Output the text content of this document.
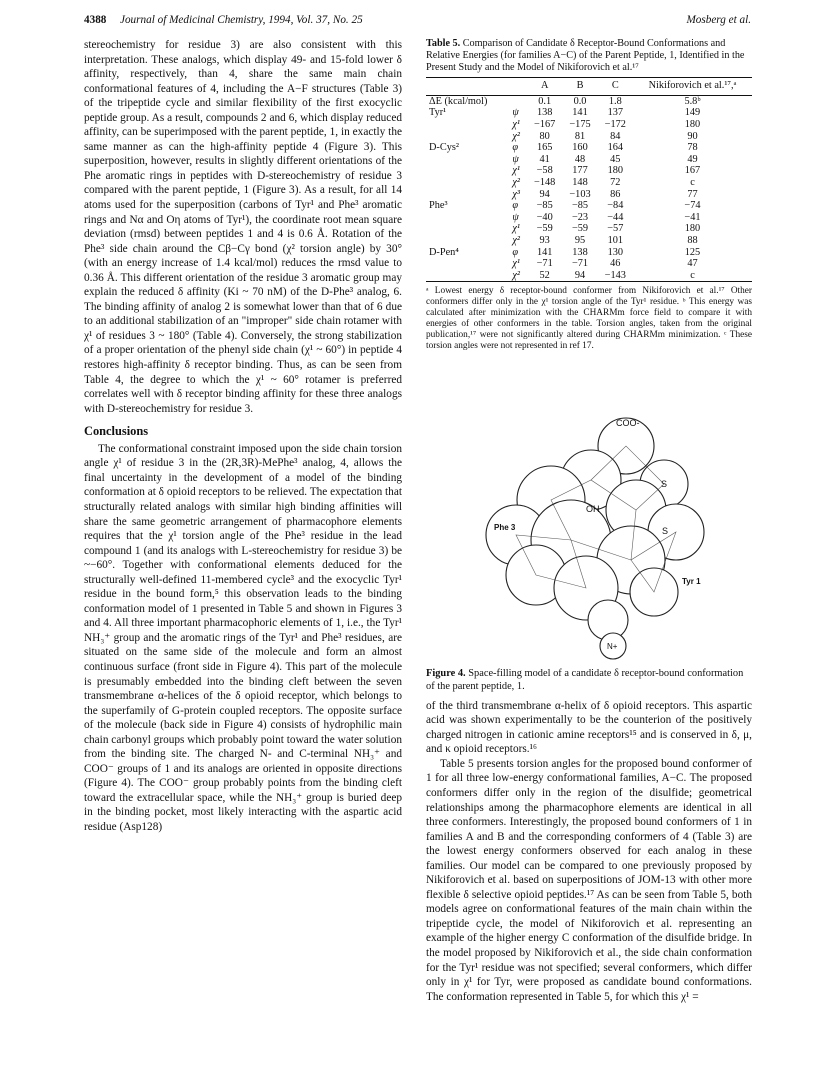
4388 Journal of Medicinal Chemistry, 1994, Vol. 37, No. 25	Mosberg et al.

stereochemistry for residue 3) are also consistent with this interpretation. These analogs, which display 49- and 15-fold lower δ affinity, respectively, than 4, share the same main chain conformational features of 4, including the A−F structures (Table 3) of the tripeptide cycle and similar flexibility of the first exocyclic peptide group. As a result, compounds 2 and 6, which display reduced affinity, can be superimposed with the parent peptide, 1, in exactly the same manner as can the high-affinity peptide 4 (Figure 3). This superposition, however, results in slightly different orientations of the Phe aromatic rings in peptides with D-stereochemistry of residue 3 compared with the parent peptide, 1 (Figure 3). As a result, for all 14 atoms used for the superposition (carbons of Tyr¹ and Phe³ aromatic rings and Nα and Oη atoms of Tyr¹), the coordinate root mean square deviation (rmsd) between peptides 1 and 4 is 0.6 Å. Rotation of the Phe³ side chain around the Cβ−Cγ bond (χ² torsion angle) by 30° (with an energy increase of 1.4 kcal/mol) reduces the rmsd value to 0.36 Å. This different orientation of the residue 3 aromatic group may explain the reduced δ affinity (Ki ~ 70 nM) of the D-Phe³ analog, 6. The binding affinity of analog 2 is somewhat lower than that of 6 due to an additional stabilization of an "improper" side chain rotamer with χ¹ of residues 3 ~ 180° (Table 4). Conversely, the strong stabilization of a proper orientation of the phenyl side chain (χ¹ ~ 60°) in peptide 4 restores high-affinity δ receptor binding. Thus, as can be seen from Table 4, the degree to which the χ¹ ~ 60° rotamer is preferred correlates well with δ receptor binding affinity for these three analogs with D-stereochemistry for residue 3.

Conclusions

The conformational constraint imposed upon the side chain torsion angle χ¹ of residue 3 in the (2R,3R)-MePhe³ analog, 4, allows the final uncertainty in the development of a model of the binding conformation at δ opioid receptors to be relieved. The expectation that structurally related analogs with similar high binding affinities will share the same geometric arrangement of pharmacophore elements requires that the χ¹ torsion angle of the Phe³ residue in the lead compound 1 (and its analogs with L-stereochemistry for residue 3) be ~−60°. Together with conformational elements deduced for the structurally well-defined 11-membered cycle³ and the exocyclic Tyr¹ residue in the bound form,⁵ this observation leads to the binding conformation model of 1 presented in Table 5 and shown in Figures 3 and 4. All three important pharmacophoric elements of 1, i.e., the Tyr¹ NH₃⁺ group and the aromatic rings of the Tyr¹ and Phe³ residues, are situated on the same side of the molecule and form an almost continuous surface (front side in Figure 4). This part of the molecule is presumably embedded into the binding cleft between the seven transmembrane α-helices of the δ opioid receptor, which belongs to the superfamily of G-protein coupled receptors. The opposite surface of the molecule (back side in Figure 4) consists of hydrophilic main chain carbonyl groups which probably point toward the water solution from the binding site. The charged N- and C-terminal NH₃⁺ and COO⁻ groups of 1 and its analogs are oriented in opposite directions (Figure 4). The COO⁻ group probably points from the binding cleft toward the extracellular space, while the NH₃⁺ group is buried deep in the binding pocket, most likely interacting with the aspartic acid residue (Asp128)

Table 5. Comparison of Candidate δ Receptor-Bound Conformations and Relative Energies (for families A−C) of the Parent Peptide, 1, Identified in the Present Study and the Model of Nikiforovich et al.¹⁷
		A	B	C	Nikiforovich et al.¹⁷,ᵃ
ΔE (kcal/mol)		0.1	0.0	1.8	5.8ᵇ
Tyr¹	ψ	138	141	137	149
	χ¹	−167	−175	−172	180
	χ²	80	81	84	90
D-Cys²	φ	165	160	164	78
	ψ	41	48	45	49
	χ¹	−58	177	180	167
	χ²	−148	148	72	c
	χ³	94	−103	86	77
Phe³	φ	−85	−85	−84	−74
	ψ	−40	−23	−44	−41
	χ¹	−59	−59	−57	180
	χ²	93	95	101	88
D-Pen⁴	φ	141	138	130	125
	χ¹	−71	−71	46	47
	χ²	52	94	−143	c
ᵃ Lowest energy δ receptor-bound conformer from Nikiforovich et al.¹⁷ Other conformers differ only in the χ¹ torsion angle of the Tyr¹ residue. ᵇ This energy was calculated after minimization with the CHARMm force field to compare it with energies of other conformers in the table. Torsion angles, taken from the original publication,¹⁷ were not significantly altered during CHARMm minimization. ᶜ These torsion angles were not represented in ref 17.
COO-
OH
S
S
Phe 3
Tyr 1
N+
Figure 4. Space-filling model of a candidate δ receptor-bound conformation of the parent peptide, 1.

of the third transmembrane α-helix of δ opioid receptors. This aspartic acid was shown experimentally to be the counterion of the positively charged nitrogen in cationic amine receptors¹⁵ and is conserved in δ, μ, and κ opioid receptors.¹⁶

Table 5 presents torsion angles for the proposed bound conformer of 1 for all three low-energy conformational families, A−C. The proposed conformers differ only in the region of the disulfide; geometrical relationships among the pharmacophore elements are identical in all three conformers. Interestingly, the proposed bound conformers of 1 in families A and B and the corresponding conformers of 4 (Table 3) are the lowest energy conformers observed for each analog in these families. Our model can be compared to one previously proposed by Nikiforovich et al. based on superpositions of JOM-13 with other more flexible δ selective opioid peptides.¹⁷ As can be seen from Table 5, both models agree on conformational features of the main chain within the tripeptide cycle, the model of Nikiforovich et al. representing an example of the higher energy C conformation of the disulfide bridge. In the model proposed by Nikiforovich et al., the side chain conformation for the Tyr¹ residue was not specified; several conformers, which differ only in χ¹ for Tyr, were proposed as candidate bound conformations. The conformation represented in Table 5, for which this χ¹ =
